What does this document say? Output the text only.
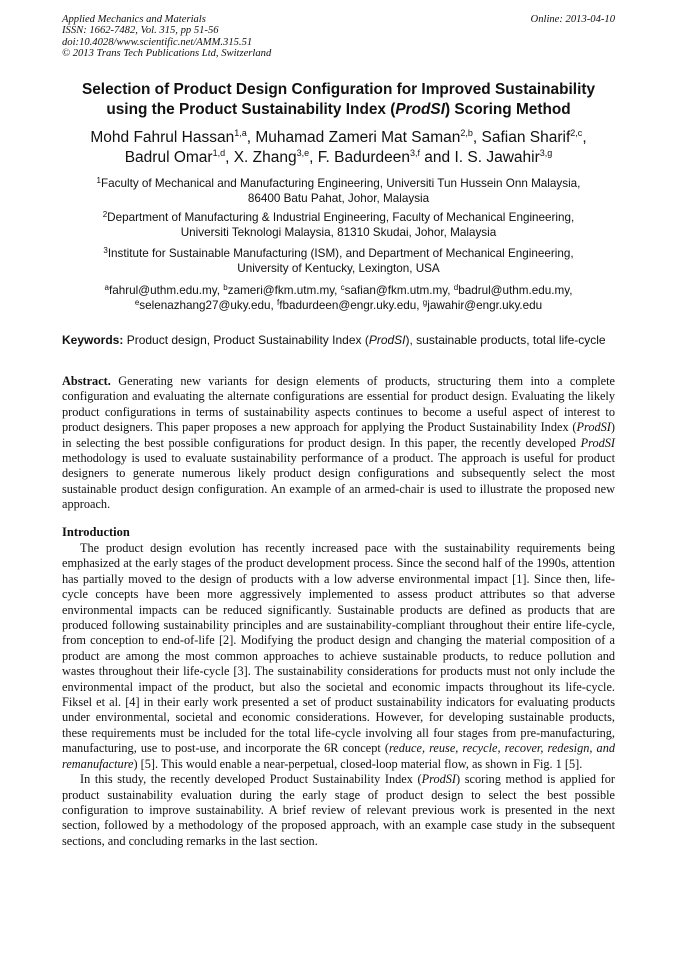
Applied Mechanics and Materials
ISSN: 1662-7482, Vol. 315, pp 51-56
doi:10.4028/www.scientific.net/AMM.315.51
© 2013 Trans Tech Publications Ltd, Switzerland
Online: 2013-04-10
Selection of Product Design Configuration for Improved Sustainability
using the Product Sustainability Index (ProdSI) Scoring Method
Mohd Fahrul Hassan$^{1,a}$, Muhamad Zameri Mat Saman$^{2,b}$, Safian Sharif$^{2,c}$,
Badrul Omar$^{1,d}$, X. Zhang$^{3,e}$, F. Badurdeen$^{3,f}$ and I. S. Jawahir$^{3,g}$
$^1$Faculty of Mechanical and Manufacturing Engineering, Universiti Tun Hussein Onn Malaysia,
86400 Batu Pahat, Johor, Malaysia
$^2$Department of Manufacturing & Industrial Engineering, Faculty of Mechanical Engineering,
Universiti Teknologi Malaysia, 81310 Skudai, Johor, Malaysia
$^3$Institute for Sustainable Manufacturing (ISM), and Department of Mechanical Engineering,
University of Kentucky, Lexington, USA
$^a$fahrul@uthm.edu.my, $^b$zameri@fkm.utm.my, $^c$safian@fkm.utm.my, $^d$badrul@uthm.edu.my,
$^e$selenazhang27@uky.edu, $^f$fbadurdeen@engr.uky.edu, $^g$jawahir@engr.uky.edu
Keywords: Product design, Product Sustainability Index (ProdSI), sustainable products, total life-cycle

Abstract. Generating new variants for design elements of products, structuring them into a complete configuration and evaluating the alternate configurations are essential for product design. Evaluating the likely product configurations in terms of sustainability aspects continues to become a useful aspect of interest to product designers. This paper proposes a new approach for applying the Product Sustainability Index (ProdSI) in selecting the best possible configurations for product design. In this paper, the recently developed ProdSI methodology is used to evaluate sustainability performance of a product. The approach is useful for product designers to generate numerous likely product design configurations and subsequently select the most sustainable product design configuration. An example of an armed-chair is used to illustrate the proposed new approach.

Introduction

The product design evolution has recently increased pace with the sustainability requirements being emphasized at the early stages of the product development process. Since the second half of the 1990s, attention has partially moved to the design of products with a low adverse environmental impact [1]. Since then, life-cycle concepts have been more aggressively implemented to assess product attributes so that adverse environmental impacts can be reduced significantly. Sustainable products are defined as products that are produced following sustainability principles and are sustainability-compliant throughout their entire life-cycle, from conception to end-of-life [2]. Modifying the product design and changing the material composition of a product are among the most common approaches to achieve sustainable products, to reduce pollution and wastes throughout their life-cycle [3]. The sustainability considerations for products must not only include the environmental impact of the product, but also the societal and economic impacts throughout its life-cycle. Fiksel et al. [4] in their early work presented a set of product sustainability indicators for evaluating products under environmental, societal and economic considerations. However, for developing sustainable products, these requirements must be included for the total life-cycle involving all four stages from pre-manufacturing, manufacturing, use to post-use, and incorporate the 6R concept (reduce, reuse, recycle, recover, redesign, and remanufacture) [5]. This would enable a near-perpetual, closed-loop material flow, as shown in Fig. 1 [5].

In this study, the recently developed Product Sustainability Index (ProdSI) scoring method is applied for product sustainability evaluation during the early stage of product design to select the best possible configuration to improve sustainability. A brief review of relevant previous work is presented in the next section, followed by a methodology of the proposed approach, with an example case study in the subsequent sections, and concluding remarks in the last section.
